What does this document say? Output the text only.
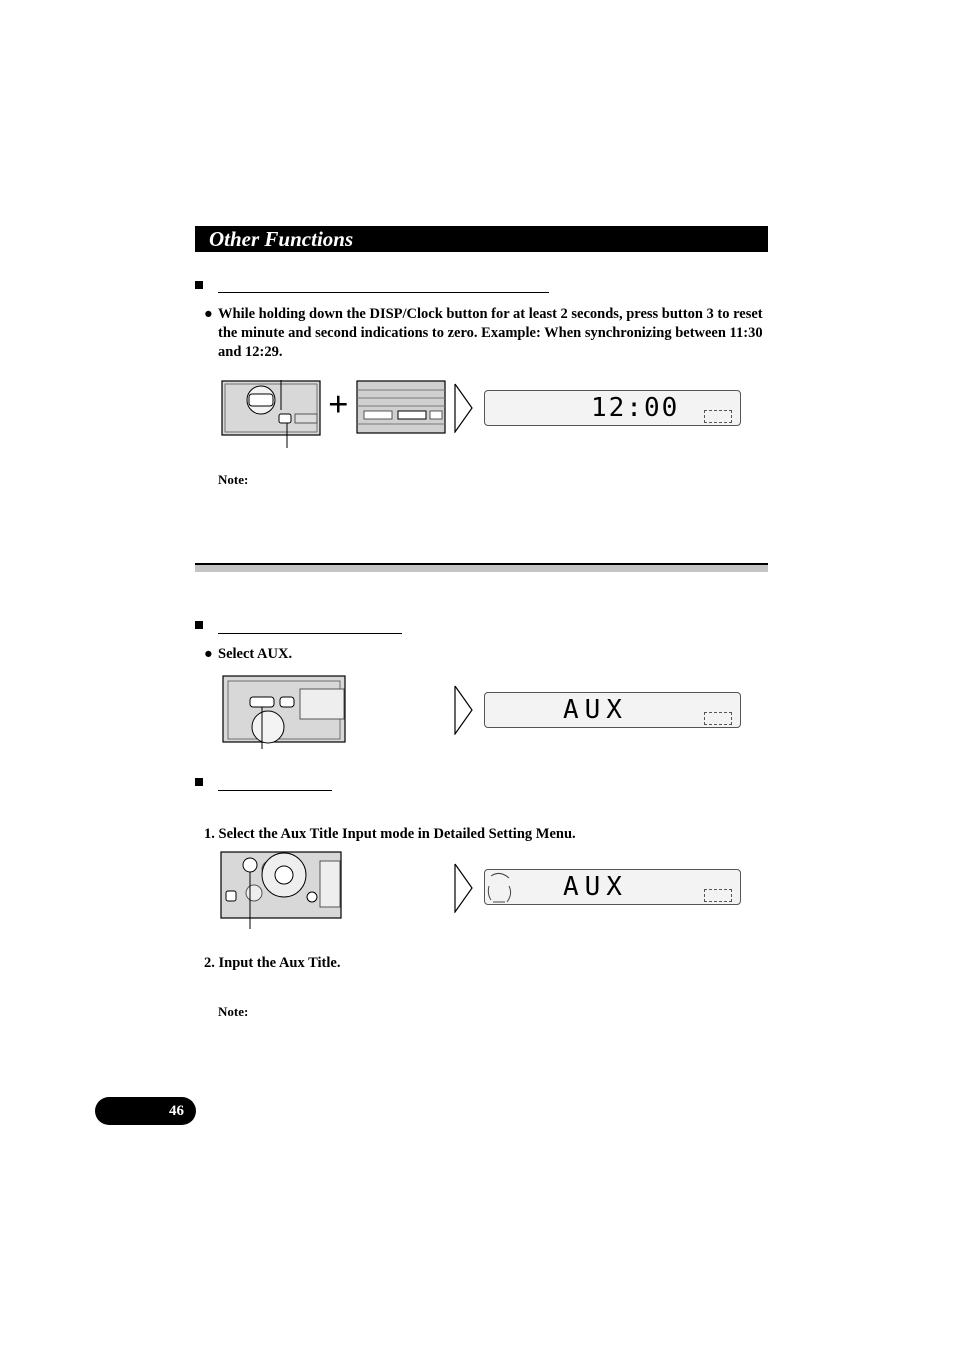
Other Functions
● While holding down the DISP/Clock button for at least 2 seconds, press button 3 to reset the minute and second indications to zero. Example: When synchronizing between 11:30 and 12:29.
+	12:00
Note:
● Select AUX.
AUX
1. Select the Aux Title Input mode in Detailed Setting Menu.
AUX
2. Input the Aux Title.
Note:
46
